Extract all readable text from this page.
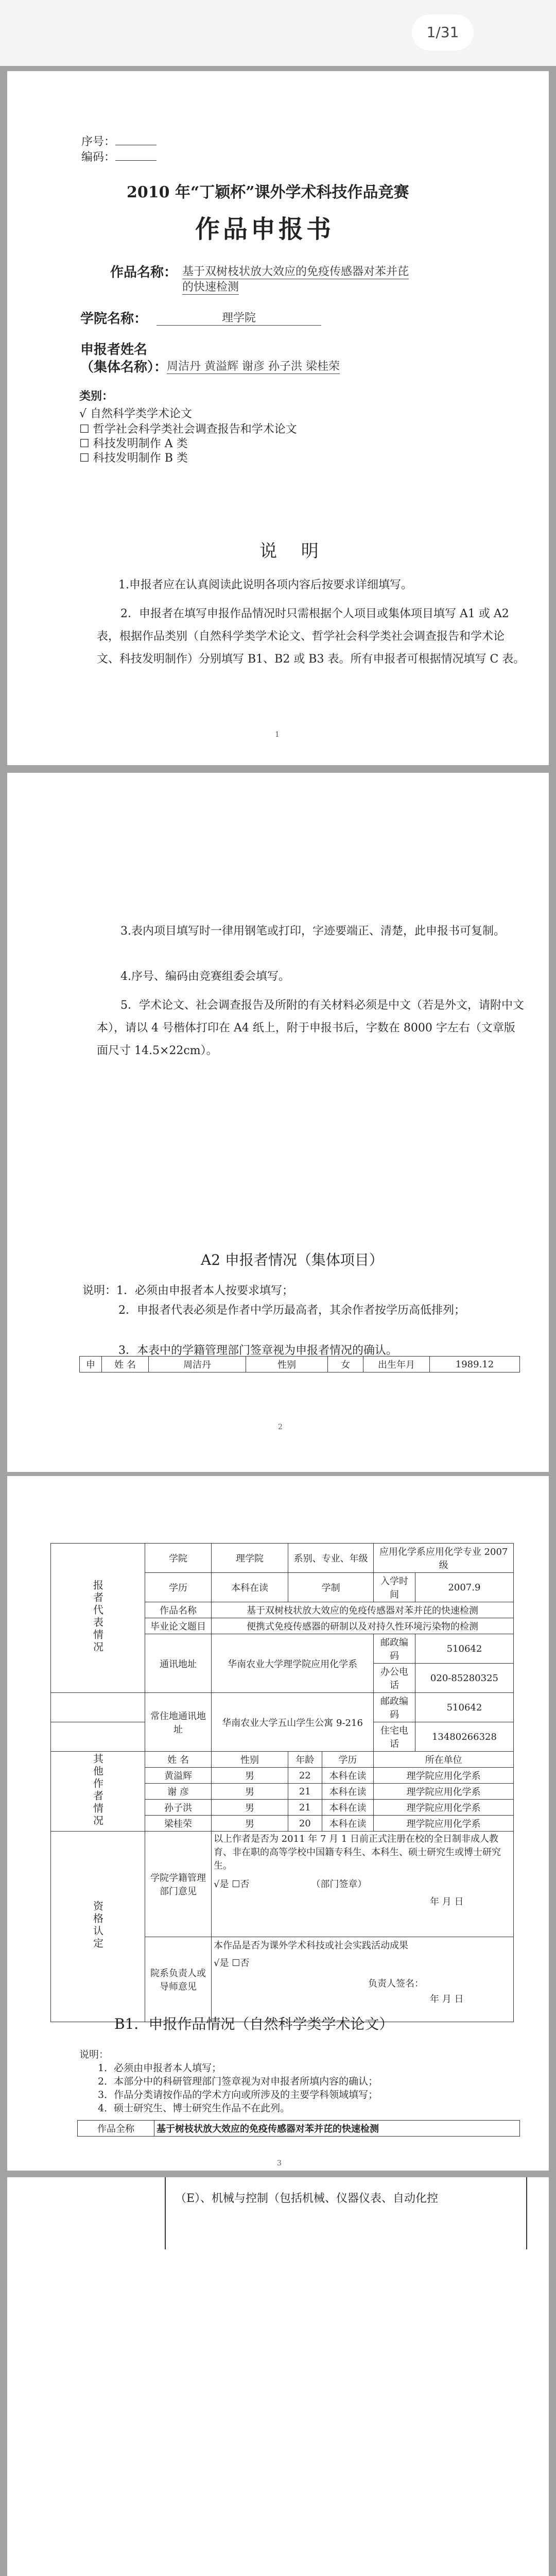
1/31
序号：
编码：
2010 年“丁颖杯”课外学术科技作品竞赛
作品申报书
作品名称： 基于双树枝状放大效应的免疫传感器对苯并芘
的快速检测
学院名称：	理学院
申报者姓名
（集体名称）：
周洁丹 黄溢辉 谢彦 孙子洪 梁桂荣
类别：
√ 自然科学类学术论文
☐ 哲学社会科学类社会调查报告和学术论文
☐ 科技发明制作 A 类
☐ 科技发明制作 B 类
说 明
1.申报者应在认真阅读此说明各项内容后按要求详细填写。
2．申报者在填写申报作品情况时只需根据个人项目或集体项目填写 A1 或 A2 表，根据作品类别（自然科学类学术论文、哲学社会科学类社会调查报告和学术论文、科技发明制作）分别填写 B1、B2 或 B3 表。所有申报者可根据情况填写 C 表。
1
3.表内项目填写时一律用钢笔或打印，字迹要端正、清楚，此申报书可复制。
4.序号、编码由竞赛组委会填写。
5．学术论文、社会调查报告及所附的有关材料必须是中文（若是外文，请附中文本），请以 4 号楷体打印在 A4 纸上，附于申报书后，字数在 8000 字左右（文章版面尺寸 14.5×22cm）。
A2 申报者情况（集体项目）
说明：1．必须由申报者本人按要求填写；
2．申报者代表必须是作者中学历最高者，其余作者按学历高低排列；
3．本表中的学籍管理部门签章视为申报者情况的确认。
申	姓 名	周洁丹	性别	女	出生年月	1989.12
2
报者代表情况	学院	理学院	系别、专业、年级		应用化学系应用化学专业 2007 级	
	学历	本科在读	学制		入学时间	2007.9
	作品名称	基于双树枝状放大效应的免疫传感器对苯并芘的快速检测				
	毕业论文题目	便携式免疫传感器的研制以及对持久性环境污染物的检测				
	通讯地址	华南农业大学理学院应用化学系			邮政编码	510642
					办公电话	020-85280325
	常住地通讯地址	华南农业大学五山学生公寓 9-216			邮政编码	510642
					住宅电话	13480266328
其他作者情况	姓 名	性别	年龄	学历	所在单位	
	黄溢辉	男	22	本科在读	理学院应用化学系	
	谢 彦	男	21	本科在读	理学院应用化学系	
	孙子洪	男	21	本科在读	理学院应用化学系	
	梁桂荣	男	20	本科在读	理学院应用化学系	
资格认定	学院学籍管理部门意见	以上作者是否为 2011 年 7 月 1 日前正式注册在校的全日制非成人教育、非在职的高等学校中国籍专科生、本科生、硕士研究生或博士研究生。
√是 ☐否 （部门签章）
年 月 日				

	院系负责人或导师意见	本作品是否为课外学术科技或社会实践活动成果
√是 ☐否
负责人签名：
年 月 日				
B1．申报作品情况（自然科学类学术论文）
说明：
1．必须由申报者本人填写；
2．本部分中的科研管理部门签章视为对申报者所填内容的确认；
3．作品分类请按作品的学术方向或所涉及的主要学科领域填写；
4．硕士研究生、博士研究生作品不在此列。
作品全称	基于树枝状放大效应的免疫传感器对苯并芘的快速检测
3
（E）、机械与控制（包括机械、仪器仪表、自动化控
